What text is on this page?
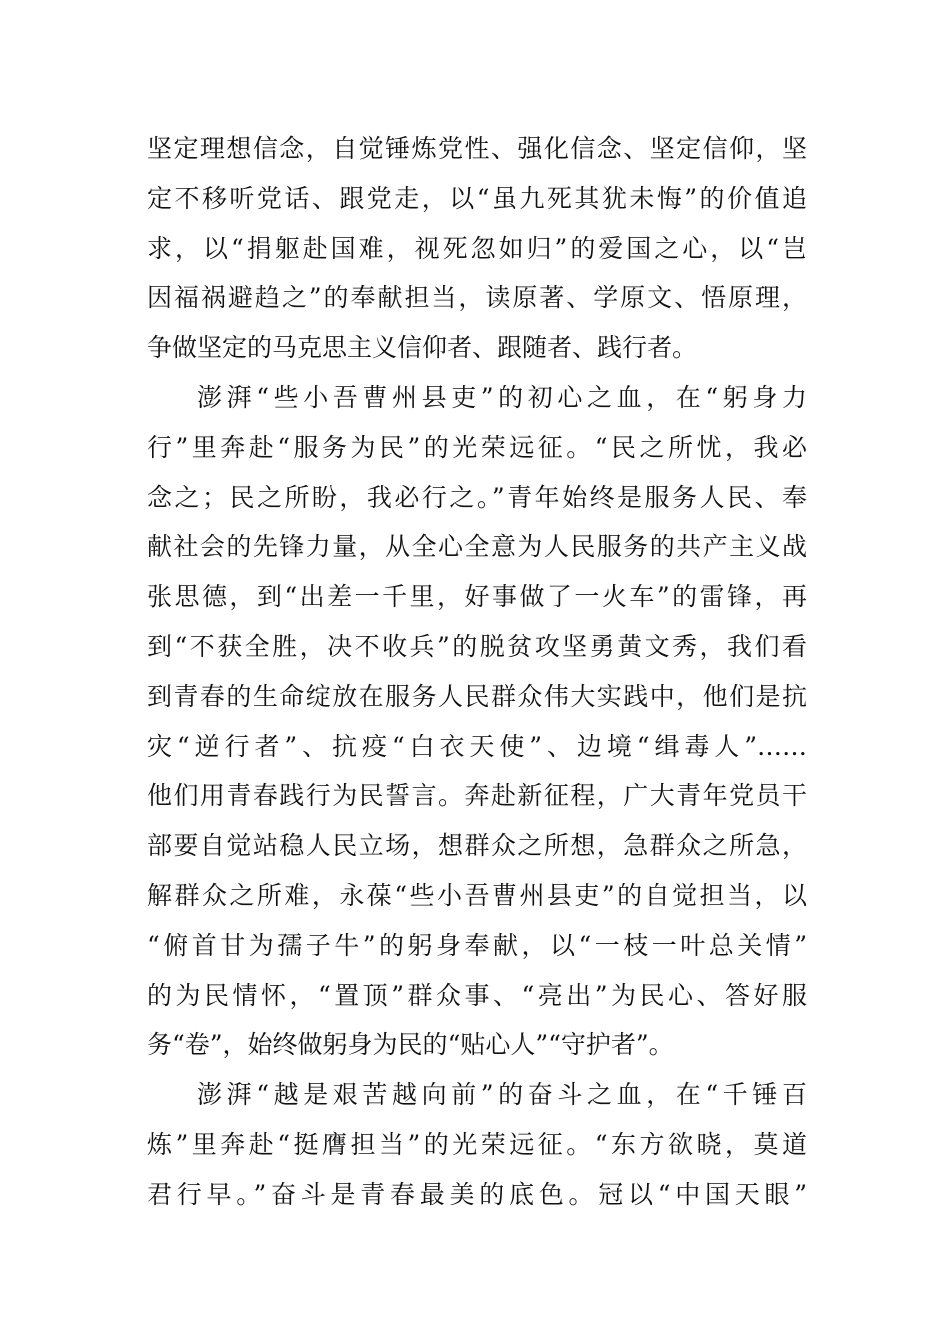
坚定理想信念，自觉锤炼党性、强化信念、坚定信仰，坚
定不移听党话、跟党走，以“虽九死其犹未悔”的价值追
求，以“捐躯赴国难，视死忽如归”的爱国之心，以“岂
因福祸避趋之”的奉献担当，读原著、学原文、悟原理，
争做坚定的马克思主义信仰者、跟随者、践行者。
澎湃“些小吾曹州县吏”的初心之血，在“躬身力
行”里奔赴“服务为民”的光荣远征。“民之所忧，我必
念之；民之所盼，我必行之。”青年始终是服务人民、奉
献社会的先锋力量，从全心全意为人民服务的共产主义战
张思德，到“出差一千里，好事做了一火车”的雷锋，再
到“不获全胜，决不收兵”的脱贫攻坚勇黄文秀，我们看
到青春的生命绽放在服务人民群众伟大实践中，他们是抗
灾“逆行者”、抗疫“白衣天使”、边境“缉毒人”……
他们用青春践行为民誓言。奔赴新征程，广大青年党员干
部要自觉站稳人民立场，想群众之所想，急群众之所急，
解群众之所难，永葆“些小吾曹州县吏”的自觉担当，以
“俯首甘为孺子牛”的躬身奉献，以“一枝一叶总关情”
的为民情怀，“置顶”群众事、“亮出”为民心、答好服
务“卷”，始终做躬身为民的“贴心人”“守护者”。
澎湃“越是艰苦越向前”的奋斗之血，在“千锤百
炼”里奔赴“挺膺担当”的光荣远征。“东方欲晓，莫道
君行早。”奋斗是青春最美的底色。冠以“中国天眼”
